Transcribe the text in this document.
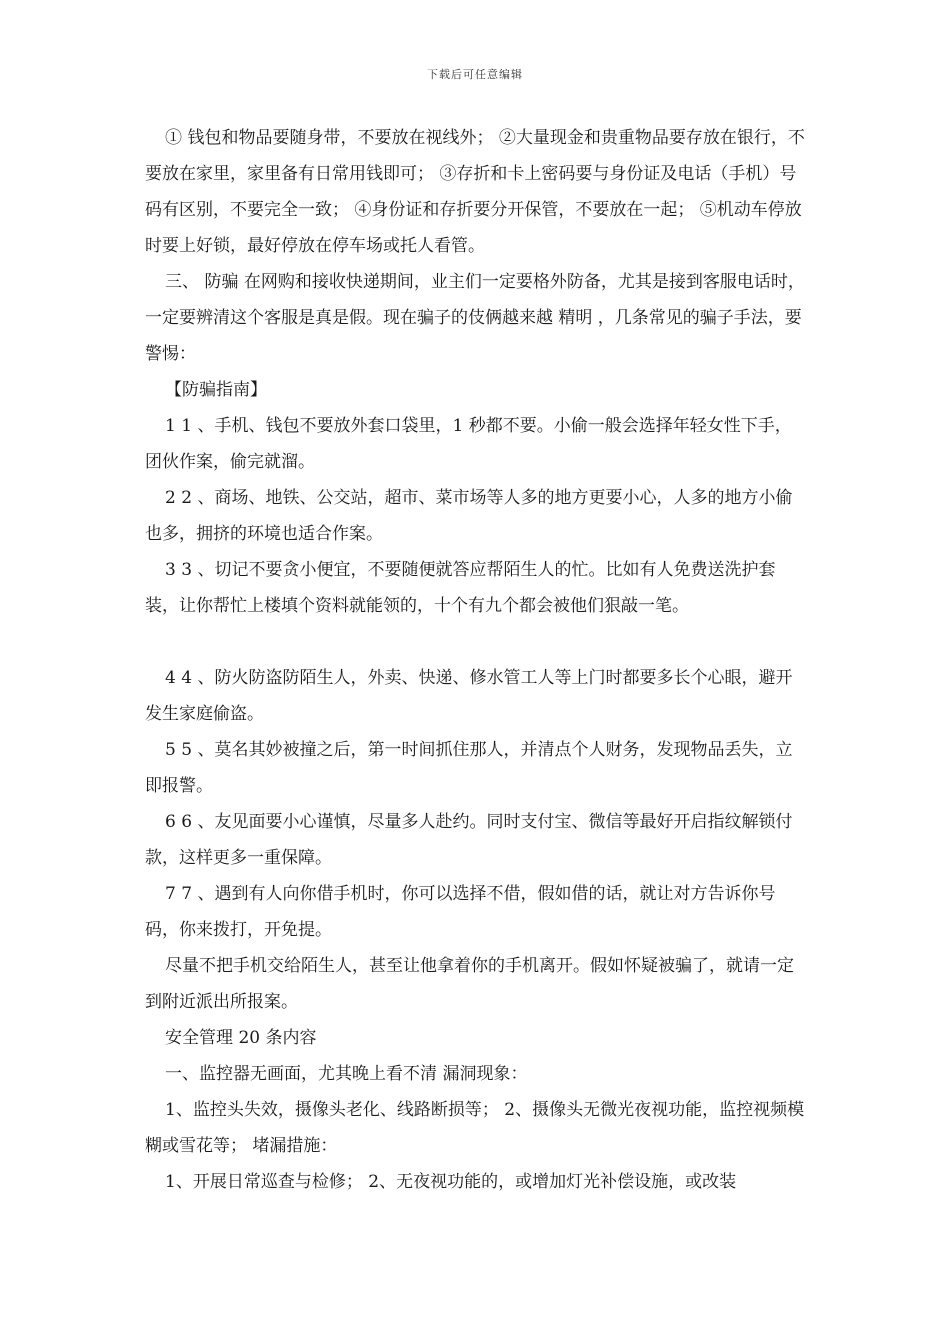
下载后可任意编辑

① 钱包和物品要随身带，不要放在视线外； ②大量现金和贵重物品要存放在银行，不要放在家里，家里备有日常用钱即可； ③存折和卡上密码要与身份证及电话（手机）号码有区别，不要完全一致； ④身份证和存折要分开保管，不要放在一起； ⑤机动车停放时要上好锁，最好停放在停车场或托人看管。

三、 防骗 在网购和接收快递期间，业主们一定要格外防备，尤其是接到客服电话时，一定要辨清这个客服是真是假。现在骗子的伎俩越来越 精明 ，几条常见的骗子手法，要警惕：

【防骗指南】

1 1 、手机、钱包不要放外套口袋里，1 秒都不要。小偷一般会选择年轻女性下手，团伙作案，偷完就溜。

2 2 、商场、地铁、公交站，超市、菜市场等人多的地方更要小心，人多的地方小偷也多，拥挤的环境也适合作案。

3 3 、切记不要贪小便宜，不要随便就答应帮陌生人的忙。比如有人免费送洗护套装，让你帮忙上楼填个资料就能领的，十个有九个都会被他们狠敲一笔。

4 4 、防火防盗防陌生人，外卖、快递、修水管工人等上门时都要多长个心眼，避开发生家庭偷盗。

5 5 、莫名其妙被撞之后，第一时间抓住那人，并清点个人财务，发现物品丢失，立即报警。

6 6 、友见面要小心谨慎，尽量多人赴约。同时支付宝、微信等最好开启指纹解锁付款，这样更多一重保障。

7 7 、遇到有人向你借手机时，你可以选择不借，假如借的话，就让对方告诉你号码，你来拨打，开免提。

尽量不把手机交给陌生人，甚至让他拿着你的手机离开。假如怀疑被骗了，就请一定到附近派出所报案。

安全管理 20 条内容

一、监控器无画面，尤其晚上看不清 漏洞现象：

1、监控头失效，摄像头老化、线路断损等； 2、摄像头无微光夜视功能，监控视频模糊或雪花等； 堵漏措施：

1、开展日常巡查与检修； 2、无夜视功能的，或增加灯光补偿设施，或改装
